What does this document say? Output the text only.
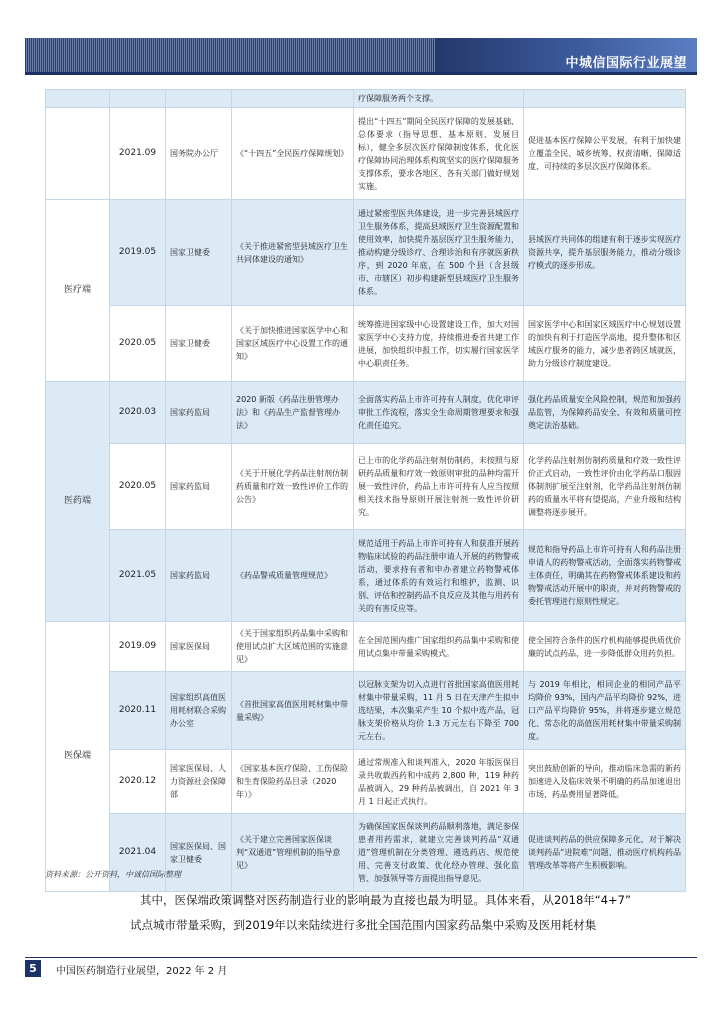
中城信国际行业展望
				疗保障服务两个支撑。	
	2021.09	国务院办公厅	《“十四五”全民医疗保障规划》	提出“十四五”期间全民医疗保障的发展基础、总体要求（指导思想、基本原则、发展目标），健全多层次医疗保障制度体系，优化医疗保障协同治理体系构筑坚实的医疗保障服务支撑体系，要求各地区、各有关部门做好规划实施。	促进基本医疗保障公平发展，有利于加快建立覆盖全民、城乡统筹、权责清晰、保障适度、可持续的多层次医疗保障体系。
医疗端	2019.05	国家卫健委	《关于推进紧密型县域医疗卫生共同体建设的通知》	通过紧密型医共体建设，进一步完善县域医疗卫生服务体系，提高县域医疗卫生资源配置和使用效率，加快提升基层医疗卫生服务能力，推动构建分级诊疗、合理诊治和有序就医新秩序，到 2020 年底，在 500 个县（含县级市、市辖区）初步构建新型县域医疗卫生服务体系。	县域医疗共同体的组建有利于逐步实现医疗资源共享，提升基层服务能力，推动分级诊疗模式的逐步形成。
	2020.05	国家卫健委	《关于加快推进国家医学中心和国家区域医疗中心设置工作的通知》	统筹推进国家级中心设置建设工作，加大对国家医学中心支持力度，持续推进委省共建工作进展，加快组织申报工作，切实履行国家医学中心职责任务。	国家医学中心和国家区域医疗中心规划设置的加快有利于打造医学高地，提升整体和区域医疗服务的能力，减少患者跨区域就医，助力分级诊疗制度建设。
医药端	2020.03	国家药监局	2020 新版《药品注册管理办法》和《药品生产监督管理办法》	全面落实药品上市许可持有人制度，优化审评审批工作流程，落实全生命周期管理要求和强化责任追究。	强化药品质量安全风险控制，规范和加强药品监管，为保障药品安全、有效和质量可控奠定法治基础。
	2020.05	国家药监局	《关于开展化学药品注射剂仿制药质量和疗效一致性评价工作的公告》	已上市的化学药品注射剂仿制药，未按照与原研药品质量和疗效一致原则审批的品种均需开展一致性评价，药品上市许可持有人应当按照相关技术指导原则开展注射剂一致性评价研究。	化学药品注射剂仿制药质量和疗效一致性评价正式启动，一致性评价由化学药品口服固体制剂扩展至注射剂，化学药品注射剂仿制药的质量水平将有望提高，产业升级和结构调整将逐步展开。
	2021.05	国家药监局	《药品警戒质量管理规范》	规范适用于药品上市许可持有人和获准开展药物临床试验的药品注册申请人开展的药物警戒活动，要求持有者和申办者建立药物警戒体系，通过体系的有效运行和维护，监测、识别、评估和控制药品不良反应及其他与用药有关的有害反应等。	规范和指导药品上市许可持有人和药品注册申请人的药物警戒活动，全面落实药物警戒主体责任，明确其在药物警戒体系建设和药物警戒活动开展中的职责，并对药物警戒的委托管理进行原则性规定。
医保端	2019.09	国家医保局	《关于国家组织药品集中采购和使用试点扩大区域范围的实施意见》	在全国范围内推广国家组织药品集中采购和使用试点集中带量采购模式。	使全国符合条件的医疗机构能够提供质优价廉的试点药品，进一步降低群众用药负担。
	2020.11	国家组织高值医用耗材联合采购办公室	《首批国家高值医用耗材集中带量采购》	以冠脉支架为切入点进行首批国家高值医用耗材集中带量采购，11 月 5 日在天津产生拟中选结果，本次集采产生 10 个拟中选产品，冠脉支架价格从均价 1.3 万元左右下降至 700 元左右。	与 2019 年相比，相同企业的相同产品平均降价 93%，国内产品平均降价 92%，进口产品平均降价 95%，并将逐步建立规范化、常态化的高值医用耗材集中带量采购制度。
	2020.12	国家医保局、人力资源社会保障部	《国家基本医疗保险、工伤保险和生育保险药品目录（2020 年）》	通过常规准入和谈判准入，2020 年版医保目录共收载西药和中成药 2,800 种，119 种药品被调入，29 种药品被调出，自 2021 年 3 月 1 日起正式执行。	突出鼓励创新的导向，推动临床急需的新药加速进入及临床效果不明确的药品加速退出市场，药品费用显著降低。
	2021.04	国家医保局、国家卫健委	《关于建立完善国家医保谈判“双通道”管理机制的指导意见》	为确保国家医保谈判药品顺利落地，满足参保患者用药需求，就建立完善谈判药品“双通道”管理机制在分类管理、遴选药店、规范使用、完善支付政策、优化经办管理、强化监管、加强领导等方面提出指导意见。	促进谈判药品的供应保障多元化，对于解决谈判药品“进院难”问题、推动医疗机构药品管理改革等将产生积极影响。
资料来源：公开资料，中诚信国际整理
其中，医保端政策调整对医药制造行业的影响最为直接也最为明显。具体来看，从2018年“4+7”
试点城市带量采购，到2019年以来陆续进行多批全国范围内国家药品集中采购及医用耗材集
5	中国医药制造行业展望，2022 年 2 月
